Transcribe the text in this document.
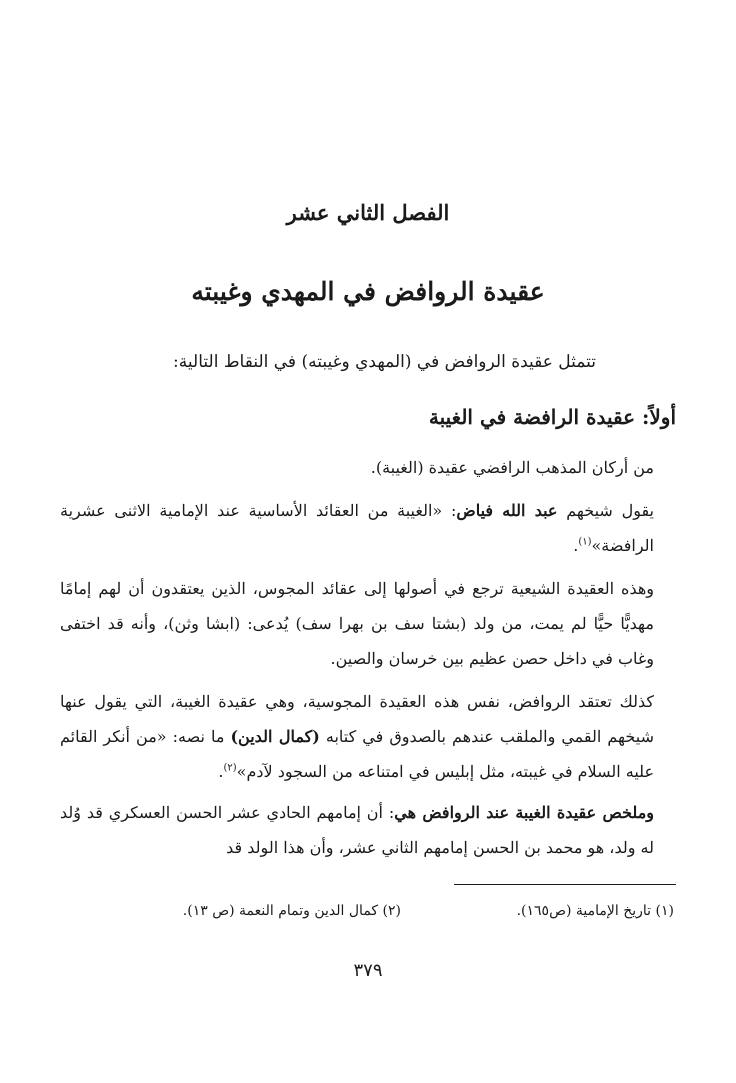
الفصل الثاني عشر
عقيدة الروافض في المهدي وغيبته
تتمثل عقيدة الروافض في (المهدي وغيبته) في النقاط التالية:
أولاً: عقيدة الرافضة في الغيبة
من أركان المذهب الرافضي عقيدة (الغيبة).
يقول شيخهم عبد الله فياض: «الغيبة من العقائد الأساسية عند الإمامية الاثنى عشرية الرافضة»$^{(١)}$.
وهذه العقيدة الشيعية ترجع في أصولها إلى عقائد المجوس، الذين يعتقدون أن لهم إمامًا مهديًّا حيًّا لم يمت، من ولد (بشتا سف بن بهرا سف) يُدعى: (ابشا وثن)، وأنه قد اختفى وغاب في داخل حصن عظيم بين خرسان والصين.
كذلك تعتقد الروافض، نفس هذه العقيدة المجوسية، وهي عقيدة الغيبة، التي يقول عنها شيخهم القمي والملقب عندهم بالصدوق في كتابه (كمال الدين) ما نصه: «من أنكر القائم عليه السلام في غيبته، مثل إبليس في امتناعه من السجود لآدم»$^{(٢)}$.
وملخص عقيدة الغيبة عند الروافض هي: أن إمامهم الحادي عشر الحسن العسكري قد وُلد له ولد، هو محمد بن الحسن إمامهم الثاني عشر، وأن هذا الولد قد
(١) تاريخ الإمامية (ص١٦٥).
(٢) كمال الدين وتمام النعمة (ص ١٣).
٣٧٩
